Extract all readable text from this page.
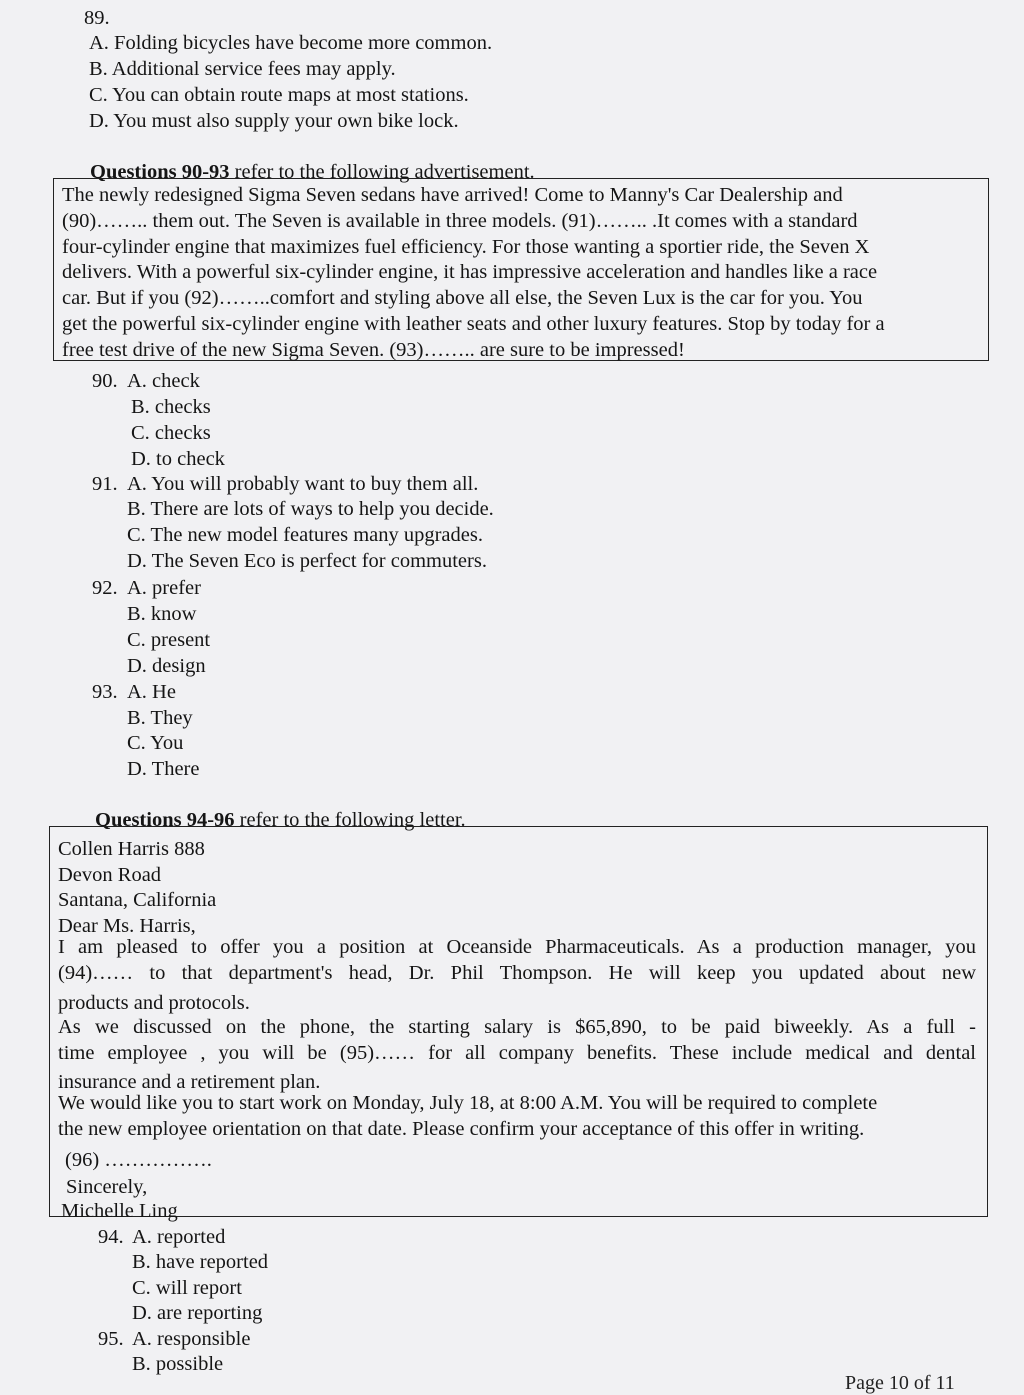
89.
A. Folding bicycles have become more common.
B. Additional service fees may apply.
C. You can obtain route maps at most stations.
D. You must also supply your own bike lock.
Questions 90-93 refer to the following advertisement.
The newly redesigned Sigma Seven sedans have arrived! Come to Manny's Car Dealership and
(90)…….. them out. The Seven is available in three models. (91)…….. .It comes with a standard
four-cylinder engine that maximizes fuel efficiency. For those wanting a sportier ride, the Seven X
delivers. With a powerful six-cylinder engine, it has impressive acceleration and handles like a race
car. But if you (92)……..comfort and styling above all else, the Seven Lux is the car for you. You
get the powerful six-cylinder engine with leather seats and other luxury features. Stop by today for a
free test drive of the new Sigma Seven. (93)…….. are sure to be impressed!
90. A. check
B. checks
C. checks
D. to check
91. A. You will probably want to buy them all.
B. There are lots of ways to help you decide.
C. The new model features many upgrades.
D. The Seven Eco is perfect for commuters.
92. A. prefer
B. know
C. present
D. design
93. A. He
B. They
C. You
D. There
Questions 94-96 refer to the following letter.
Collen Harris 888
Devon Road
Santana, California
Dear Ms. Harris,
I am pleased to offer you a position at Oceanside Pharmaceuticals. As a production manager, you
(94)…… to that department's head, Dr. Phil Thompson. He will keep you updated about new
products and protocols.
As we discussed on the phone, the starting salary is $65,890, to be paid biweekly. As a full -
time employee , you will be (95)…… for all company benefits. These include medical and dental
insurance and a retirement plan.
We would like you to start work on Monday, July 18, at 8:00 A.M. You will be required to complete
the new employee orientation on that date. Please confirm your acceptance of this offer in writing.
(96) …………….
Sincerely,
Michelle Ling
94. A. reported
B. have reported
C. will report
D. are reporting
95. A. responsible
B. possible
Page 10 of 11
